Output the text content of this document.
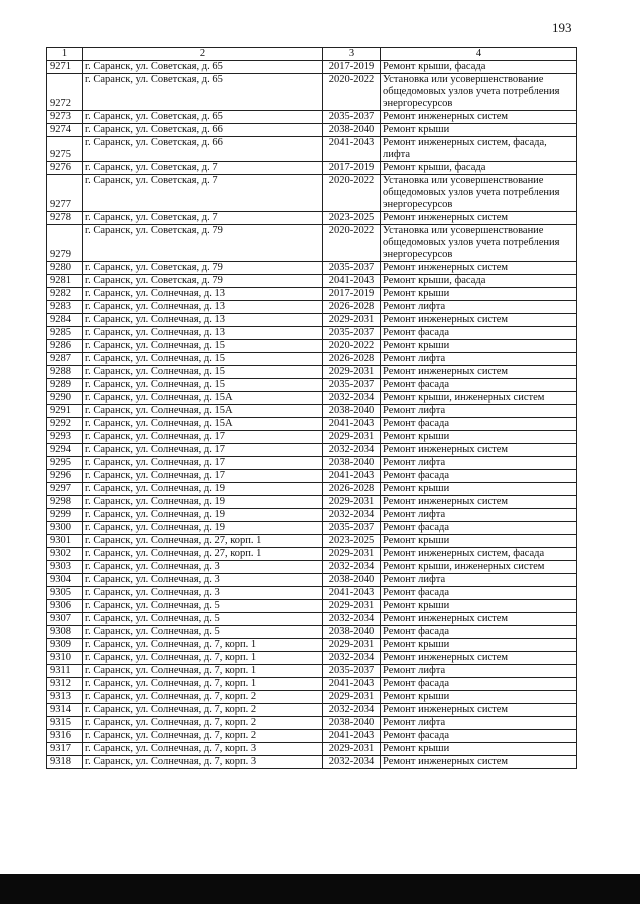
193
1	2	3	4
9271	г. Саранск, ул. Советская, д. 65	2017-2019	Ремонт крыши, фасада
9272	г. Саранск, ул. Советская, д. 65	2020-2022	Установка или усовершенствование общедомовых узлов учета потребления энергоресурсов
9273	г. Саранск, ул. Советская, д. 65	2035-2037	Ремонт инженерных систем
9274	г. Саранск, ул. Советская, д. 66	2038-2040	Ремонт крыши
9275	г. Саранск, ул. Советская, д. 66	2041-2043	Ремонт инженерных систем, фасада, лифта
9276	г. Саранск, ул. Советская, д. 7	2017-2019	Ремонт крыши, фасада
9277	г. Саранск, ул. Советская, д. 7	2020-2022	Установка или усовершенствование общедомовых узлов учета потребления энергоресурсов
9278	г. Саранск, ул. Советская, д. 7	2023-2025	Ремонт инженерных систем
9279	г. Саранск, ул. Советская, д. 79	2020-2022	Установка или усовершенствование общедомовых узлов учета потребления энергоресурсов
9280	г. Саранск, ул. Советская, д. 79	2035-2037	Ремонт инженерных систем
9281	г. Саранск, ул. Советская, д. 79	2041-2043	Ремонт крыши, фасада
9282	г. Саранск, ул. Солнечная, д. 13	2017-2019	Ремонт крыши
9283	г. Саранск, ул. Солнечная, д. 13	2026-2028	Ремонт лифта
9284	г. Саранск, ул. Солнечная, д. 13	2029-2031	Ремонт инженерных систем
9285	г. Саранск, ул. Солнечная, д. 13	2035-2037	Ремонт фасада
9286	г. Саранск, ул. Солнечная, д. 15	2020-2022	Ремонт крыши
9287	г. Саранск, ул. Солнечная, д. 15	2026-2028	Ремонт лифта
9288	г. Саранск, ул. Солнечная, д. 15	2029-2031	Ремонт инженерных систем
9289	г. Саранск, ул. Солнечная, д. 15	2035-2037	Ремонт фасада
9290	г. Саранск, ул. Солнечная, д. 15А	2032-2034	Ремонт крыши, инженерных систем
9291	г. Саранск, ул. Солнечная, д. 15А	2038-2040	Ремонт лифта
9292	г. Саранск, ул. Солнечная, д. 15А	2041-2043	Ремонт фасада
9293	г. Саранск, ул. Солнечная, д. 17	2029-2031	Ремонт крыши
9294	г. Саранск, ул. Солнечная, д. 17	2032-2034	Ремонт инженерных систем
9295	г. Саранск, ул. Солнечная, д. 17	2038-2040	Ремонт лифта
9296	г. Саранск, ул. Солнечная, д. 17	2041-2043	Ремонт фасада
9297	г. Саранск, ул. Солнечная, д. 19	2026-2028	Ремонт крыши
9298	г. Саранск, ул. Солнечная, д. 19	2029-2031	Ремонт инженерных систем
9299	г. Саранск, ул. Солнечная, д. 19	2032-2034	Ремонт лифта
9300	г. Саранск, ул. Солнечная, д. 19	2035-2037	Ремонт фасада
9301	г. Саранск, ул. Солнечная, д. 27, корп. 1	2023-2025	Ремонт крыши
9302	г. Саранск, ул. Солнечная, д. 27, корп. 1	2029-2031	Ремонт инженерных систем, фасада
9303	г. Саранск, ул. Солнечная, д. 3	2032-2034	Ремонт крыши, инженерных систем
9304	г. Саранск, ул. Солнечная, д. 3	2038-2040	Ремонт лифта
9305	г. Саранск, ул. Солнечная, д. 3	2041-2043	Ремонт фасада
9306	г. Саранск, ул. Солнечная, д. 5	2029-2031	Ремонт крыши
9307	г. Саранск, ул. Солнечная, д. 5	2032-2034	Ремонт инженерных систем
9308	г. Саранск, ул. Солнечная, д. 5	2038-2040	Ремонт фасада
9309	г. Саранск, ул. Солнечная, д. 7, корп. 1	2029-2031	Ремонт крыши
9310	г. Саранск, ул. Солнечная, д. 7, корп. 1	2032-2034	Ремонт инженерных систем
9311	г. Саранск, ул. Солнечная, д. 7, корп. 1	2035-2037	Ремонт лифта
9312	г. Саранск, ул. Солнечная, д. 7, корп. 1	2041-2043	Ремонт фасада
9313	г. Саранск, ул. Солнечная, д. 7, корп. 2	2029-2031	Ремонт крыши
9314	г. Саранск, ул. Солнечная, д. 7, корп. 2	2032-2034	Ремонт инженерных систем
9315	г. Саранск, ул. Солнечная, д. 7, корп. 2	2038-2040	Ремонт лифта
9316	г. Саранск, ул. Солнечная, д. 7, корп. 2	2041-2043	Ремонт фасада
9317	г. Саранск, ул. Солнечная, д. 7, корп. 3	2029-2031	Ремонт крыши
9318	г. Саранск, ул. Солнечная, д. 7, корп. 3	2032-2034	Ремонт инженерных систем
